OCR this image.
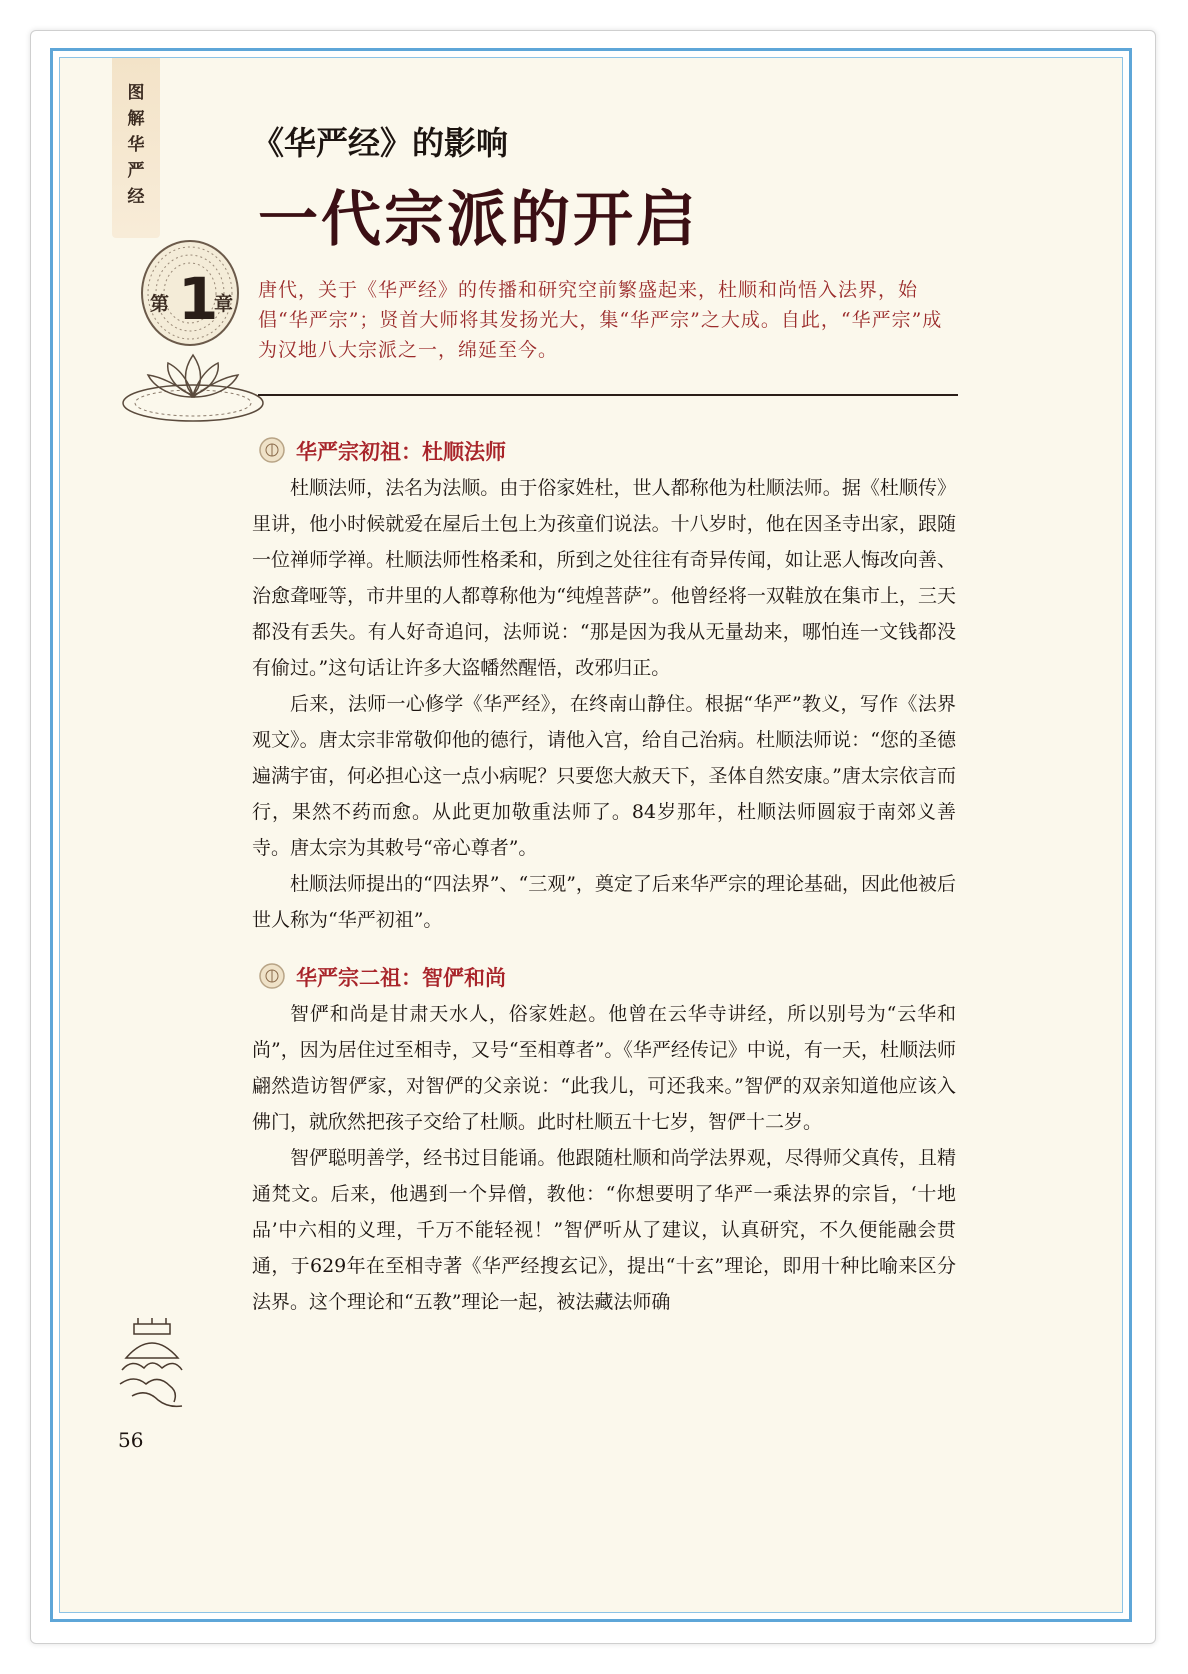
图
解
华
严
经
第 1
章
《华严经》的影响
一代宗派的开启
唐代，关于《华严经》的传播和研究空前繁盛起来，杜顺和尚悟入法界，始倡“华严宗”；贤首大师将其发扬光大，集“华严宗”之大成。自此，“华严宗”成为汉地八大宗派之一，绵延至今。
华严宗初祖：杜顺法师

杜顺法师，法名为法顺。由于俗家姓杜，世人都称他为杜顺法师。据《杜顺传》里讲，他小时候就爱在屋后土包上为孩童们说法。十八岁时，他在因圣寺出家，跟随一位禅师学禅。杜顺法师性格柔和，所到之处往往有奇异传闻，如让恶人悔改向善、治愈聋哑等，市井里的人都尊称他为“纯煌菩萨”。他曾经将一双鞋放在集市上，三天都没有丢失。有人好奇追问，法师说：“那是因为我从无量劫来，哪怕连一文钱都没有偷过。”这句话让许多大盗幡然醒悟，改邪归正。

后来，法师一心修学《华严经》，在终南山静住。根据“华严”教义，写作《法界观文》。唐太宗非常敬仰他的德行，请他入宫，给自己治病。杜顺法师说：“您的圣德遍满宇宙，何必担心这一点小病呢？只要您大赦天下，圣体自然安康。”唐太宗依言而行，果然不药而愈。从此更加敬重法师了。84岁那年，杜顺法师圆寂于南郊义善寺。唐太宗为其敕号“帝心尊者”。

杜顺法师提出的“四法界”、“三观”，奠定了后来华严宗的理论基础，因此他被后世人称为“华严初祖”。

华严宗二祖：智俨和尚

智俨和尚是甘肃天水人，俗家姓赵。他曾在云华寺讲经，所以别号为“云华和尚”，因为居住过至相寺，又号“至相尊者”。《华严经传记》中说，有一天，杜顺法师翩然造访智俨家，对智俨的父亲说：“此我儿，可还我来。”智俨的双亲知道他应该入佛门，就欣然把孩子交给了杜顺。此时杜顺五十七岁，智俨十二岁。

智俨聪明善学，经书过目能诵。他跟随杜顺和尚学法界观，尽得师父真传，且精通梵文。后来，他遇到一个异僧，教他：“你想要明了华严一乘法界的宗旨，‘十地品’中六相的义理，千万不能轻视！”智俨听从了建议，认真研究，不久便能融会贯通，于629年在至相寺著《华严经搜玄记》，提出“十玄”理论，即用十种比喻来区分法界。这个理论和“五教”理论一起，被法藏法师确

56
